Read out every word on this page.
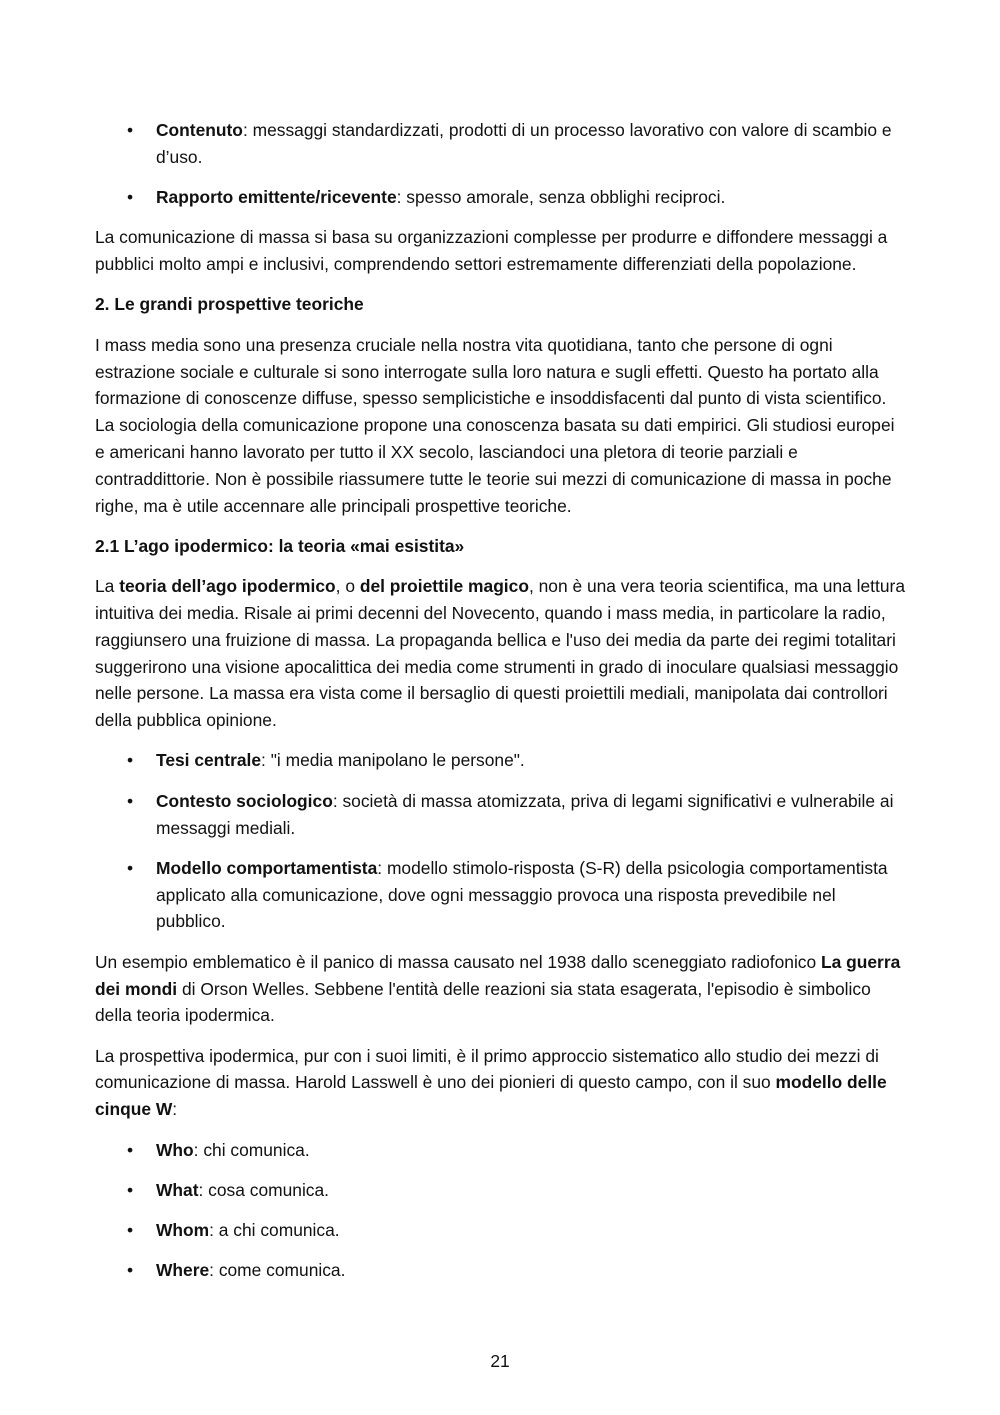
• Contenuto: messaggi standardizzati, prodotti di un processo lavorativo con valore di scambio e d’uso.
• Rapporto emittente/ricevente: spesso amorale, senza obblighi reciproci.

La comunicazione di massa si basa su organizzazioni complesse per produrre e diffondere messaggi a pubblici molto ampi e inclusivi, comprendendo settori estremamente differenziati della popolazione.

2. Le grandi prospettive teoriche

I mass media sono una presenza cruciale nella nostra vita quotidiana, tanto che persone di ogni estrazione sociale e culturale si sono interrogate sulla loro natura e sugli effetti. Questo ha portato alla formazione di conoscenze diffuse, spesso semplicistiche e insoddisfacenti dal punto di vista scientifico. La sociologia della comunicazione propone una conoscenza basata su dati empirici. Gli studiosi europei e americani hanno lavorato per tutto il XX secolo, lasciandoci una pletora di teorie parziali e contraddittorie. Non è possibile riassumere tutte le teorie sui mezzi di comunicazione di massa in poche righe, ma è utile accennare alle principali prospettive teoriche.

2.1 L’ago ipodermico: la teoria «mai esistita»

La teoria dell’ago ipodermico, o del proiettile magico, non è una vera teoria scientifica, ma una lettura intuitiva dei media. Risale ai primi decenni del Novecento, quando i mass media, in particolare la radio, raggiunsero una fruizione di massa. La propaganda bellica e l'uso dei media da parte dei regimi totalitari suggerirono una visione apocalittica dei media come strumenti in grado di inoculare qualsiasi messaggio nelle persone. La massa era vista come il bersaglio di questi proiettili mediali, manipolata dai controllori della pubblica opinione.

• Tesi centrale: "i media manipolano le persone".
• Contesto sociologico: società di massa atomizzata, priva di legami significativi e vulnerabile ai messaggi mediali.
• Modello comportamentista: modello stimolo-risposta (S-R) della psicologia comportamentista applicato alla comunicazione, dove ogni messaggio provoca una risposta prevedibile nel pubblico.

Un esempio emblematico è il panico di massa causato nel 1938 dallo sceneggiato radiofonico La guerra dei mondi di Orson Welles. Sebbene l'entità delle reazioni sia stata esagerata, l'episodio è simbolico della teoria ipodermica.

La prospettiva ipodermica, pur con i suoi limiti, è il primo approccio sistematico allo studio dei mezzi di comunicazione di massa. Harold Lasswell è uno dei pionieri di questo campo, con il suo modello delle cinque W:

• Who: chi comunica.
• What: cosa comunica.
• Whom: a chi comunica.
• Where: come comunica.
21
